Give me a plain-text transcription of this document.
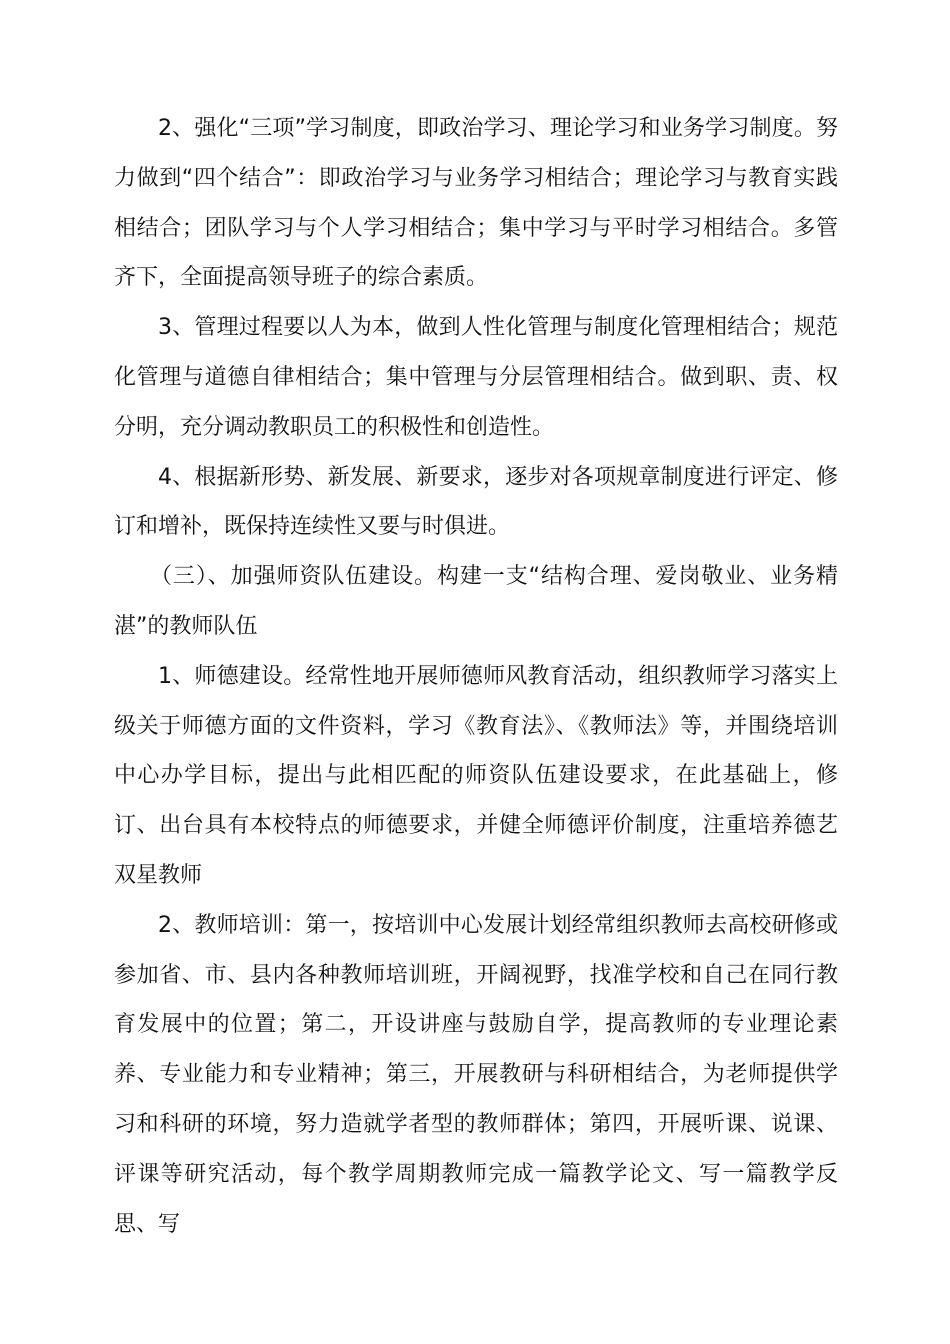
2、强化“三项”学习制度，即政治学习、理论学习和业务学习制度。努力做到“四个结合”：即政治学习与业务学习相结合；理论学习与教育实践相结合；团队学习与个人学习相结合；集中学习与平时学习相结合。多管齐下，全面提高领导班子的综合素质。

3、管理过程要以人为本，做到人性化管理与制度化管理相结合；规范化管理与道德自律相结合；集中管理与分层管理相结合。做到职、责、权分明，充分调动教职员工的积极性和创造性。

4、根据新形势、新发展、新要求，逐步对各项规章制度进行评定、修订和增补，既保持连续性又要与时俱进。

（三）、加强师资队伍建设。构建一支“结构合理、爱岗敬业、业务精湛”的教师队伍

1、师德建设。经常性地开展师德师风教育活动，组织教师学习落实上级关于师德方面的文件资料，学习《教育法》、《教师法》等，并围绕培训中心办学目标，提出与此相匹配的师资队伍建设要求，在此基础上，修订、出台具有本校特点的师德要求，并健全师德评价制度，注重培养德艺双星教师

2、教师培训：第一，按培训中心发展计划经常组织教师去高校研修或参加省、市、县内各种教师培训班，开阔视野，找准学校和自己在同行教育发展中的位置；第二，开设讲座与鼓励自学，提高教师的专业理论素养、专业能力和专业精神；第三，开展教研与科研相结合，为老师提供学习和科研的环境，努力造就学者型的教师群体；第四，开展听课、说课、评课等研究活动，每个教学周期教师完成一篇教学论文、写一篇教学反思、写
